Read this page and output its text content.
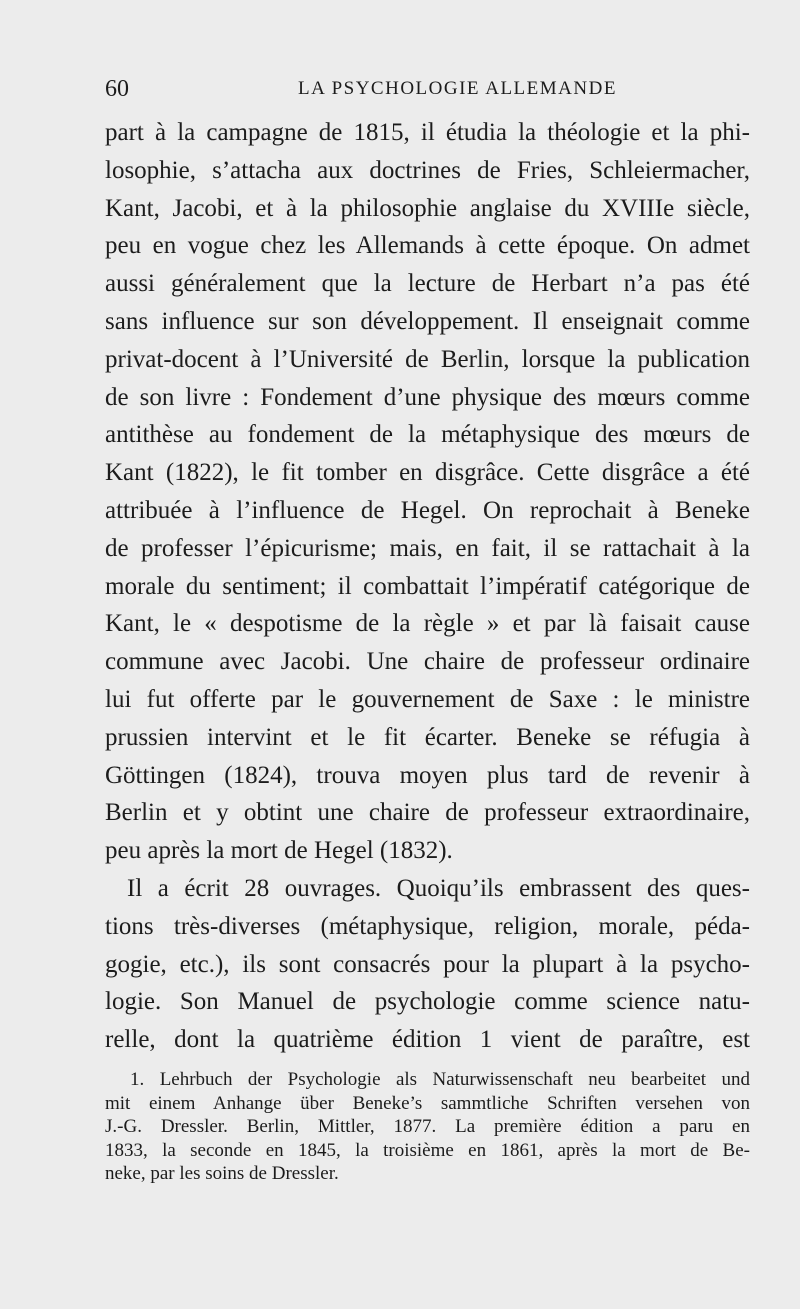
60	LA PSYCHOLOGIE ALLEMANDE
part à la campagne de 1815, il étudia la théologie et la phi-
losophie, s’attacha aux doctrines de Fries, Schleiermacher,
Kant, Jacobi, et à la philosophie anglaise du XVIIIe siècle,
peu en vogue chez les Allemands à cette époque. On admet
aussi généralement que la lecture de Herbart n’a pas été
sans influence sur son développement. Il enseignait comme
privat-docent à l’Université de Berlin, lorsque la publication
de son livre : Fondement d’une physique des mœurs comme
antithèse au fondement de la métaphysique des mœurs de
Kant (1822), le fit tomber en disgrâce. Cette disgrâce a été
attribuée à l’influence de Hegel. On reprochait à Beneke
de professer l’épicurisme; mais, en fait, il se rattachait à la
morale du sentiment; il combattait l’impératif catégorique de
Kant, le « despotisme de la règle » et par là faisait cause
commune avec Jacobi. Une chaire de professeur ordinaire
lui fut offerte par le gouvernement de Saxe : le ministre
prussien intervint et le fit écarter. Beneke se réfugia à
Göttingen (1824), trouva moyen plus tard de revenir à
Berlin et y obtint une chaire de professeur extraordinaire,
peu après la mort de Hegel (1832).
Il a écrit 28 ouvrages. Quoiqu’ils embrassent des ques-
tions très-diverses (métaphysique, religion, morale, péda-
gogie, etc.), ils sont consacrés pour la plupart à la psycho-
logie. Son Manuel de psychologie comme science natu-
relle, dont la quatrième édition 1 vient de paraître, est
1. Lehrbuch der Psychologie als Naturwissenschaft neu bearbeitet und
mit einem Anhange über Beneke’s sammtliche Schriften versehen von
J.-G. Dressler. Berlin, Mittler, 1877. La première édition a paru en
1833, la seconde en 1845, la troisième en 1861, après la mort de Be-
neke, par les soins de Dressler.
